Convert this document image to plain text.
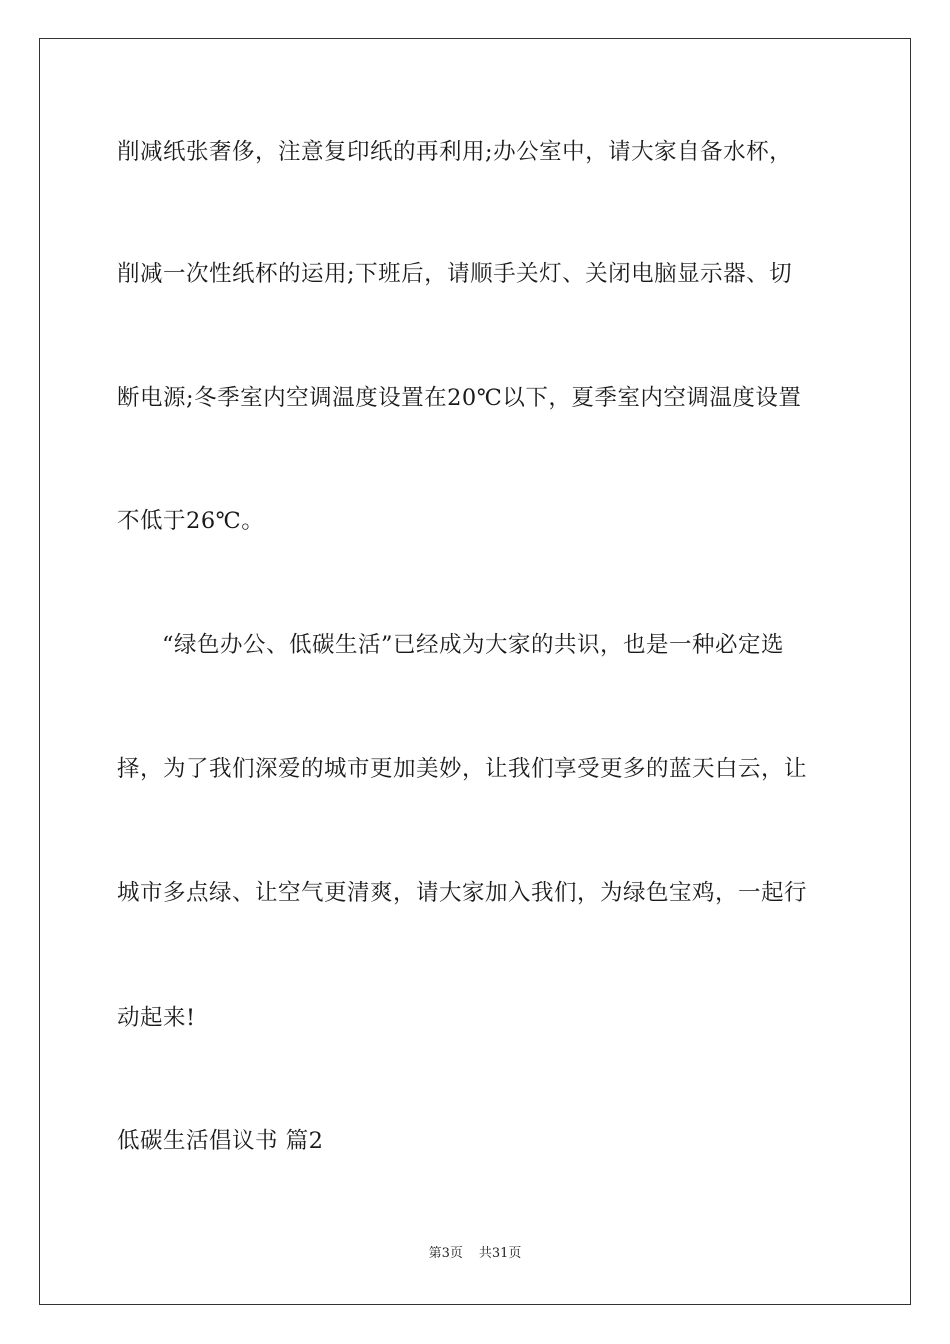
削减纸张奢侈，注意复印纸的再利用;办公室中，请大家自备水杯，
削减一次性纸杯的运用;下班后，请顺手关灯、关闭电脑显示器、切
断电源;冬季室内空调温度设置在20℃以下，夏季室内空调温度设置
不低于26℃。
“绿色办公、低碳生活”已经成为大家的共识，也是一种必定选
择，为了我们深爱的城市更加美妙，让我们享受更多的蓝天白云，让
城市多点绿、让空气更清爽，请大家加入我们，为绿色宝鸡，一起行
动起来!
低碳生活倡议书 篇2
第3页 共31页
